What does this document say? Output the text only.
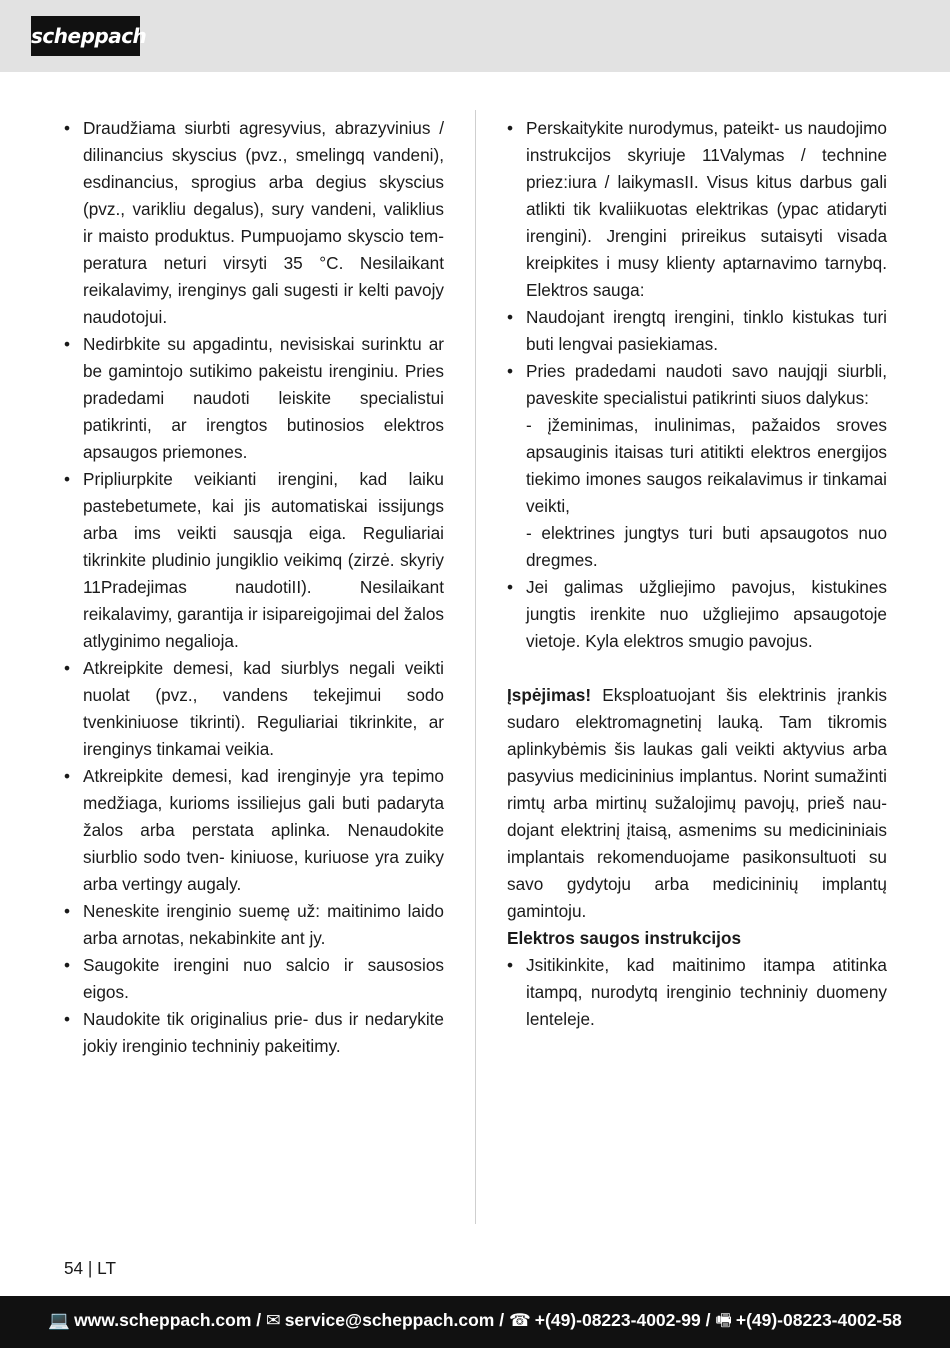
scheppach
• Draudžiama siurbti agresyvius, abrazyvinius / dilinancius skyscius (pvz., smelingq vandeni), esdinancius, sprogius arba degius skyscius (pvz., varikliu degalus), sury vandeni, valiklius ir maisto produktus. Pumpuojamo skyscio temperatura neturi virsyti 35 °C. Nesilaikant reikalavimy, irenginys gali sugesti ir kelti pavojy naudotojui.
• Nedirbkite su apgadintu, nevisiskai surinktu ar be gamintojo sutikimo pakeistu irenginiu. Pries pradedami naudoti leiskite specialistui patikrinti, ar irengtos butinosios elektros apsaugos priemones.
• Pripliurpkite veikianti irengini, kad laiku pastebetumete, kai jis automatiskai issijungs arba ims veikti sausqja eiga. Reguliariai tikrinkite pludinio jungiklio veikimq (zirzė. skyriy 11Pradejimas naudotiII). Nesilaikant reikalavimy, garantija ir isipareigojimai del žalos atlyginimo negalioja.
• Atkreipkite demesi, kad siurblys negali veikti nuolat (pvz., vandens tekejimui sodo tvenkiniuose tikrinti). Reguliariai tikrinkite, ar irenginys tinkamai veikia.
• Atkreipkite demesi, kad irenginyje yra tepimo medžiaga, kurioms issiliejus gali buti padaryta žalos arba perstata aplinka. Nenaudokite siurblio sodo tven- kiniuose, kuriuose yra zuiky arba vertingy augaly.
• Neneskite irenginio suemę už: maitinimo laido arba arnotas, nekabinkite ant jy.
• Saugokite irengini nuo salcio ir sausosios eigos.
• Naudokite tik originalius prie- dus ir nedarykite jokiy irenginio techniniy pakeitimy.
• Perskaitykite nurodymus, pateikt- us naudojimo instrukcijos skyriuje 11Valymas / technine priez:iura / laikymasII. Visus kitus darbus gali atlikti tik kvaliikuotas elektrikas (ypac atidaryti irengini). Jrengini prireikus sutaisyti visada kreipkites i musy klienty aptarnavimo tarnybq. Elektros sauga:
• Naudojant irengtq irengini, tinklo kistukas turi buti lengvai pasiekiamas.
• Pries pradedami naudoti savo naujqji siurbli, paveskite specialistui patikrinti siuos dalykus:
- įžeminimas, inulinimas, pažaidos sroves apsauginis itaisas turi atitikti elektros energijos tiekimo imones saugos reikalavimus ir tinkamai veikti,
- elektrines jungtys turi buti apsaugotos nuo dregmes.
• Jei galimas užgliejimo pavojus, kistukines jungtis irenkite nuo užgliejimo apsaugotoje vietoje. Kyla elektros smugio pavojus.

Įspėjimas! Eksploatuojant šis elektrinis įrankis sudaro elektromagnetinį lauką. Tam tikromis aplinkybėmis šis laukas gali veikti aktyvius arba pasyvius medicininius implantus. Norint sumažinti rimtų arba mirtinų sužalojimų pavojų, prieš naudojant elektrinį įtaisą, asmenims su medicininiais implantais rekomenduojame pasikonsultuoti su savo gydytoju arba medicininių implantų gamintoju.

Elektros saugos instrukcijos

• Jsitikinkite, kad maitinimo itampa atitinka itampq, nurodytq irenginio techniniy duomeny lenteleje.
54 | LT
💻 www.scheppach.com / ✉ service@scheppach.com / ☎ +(49)-08223-4002-99 / 🖷 +(49)-08223-4002-58
